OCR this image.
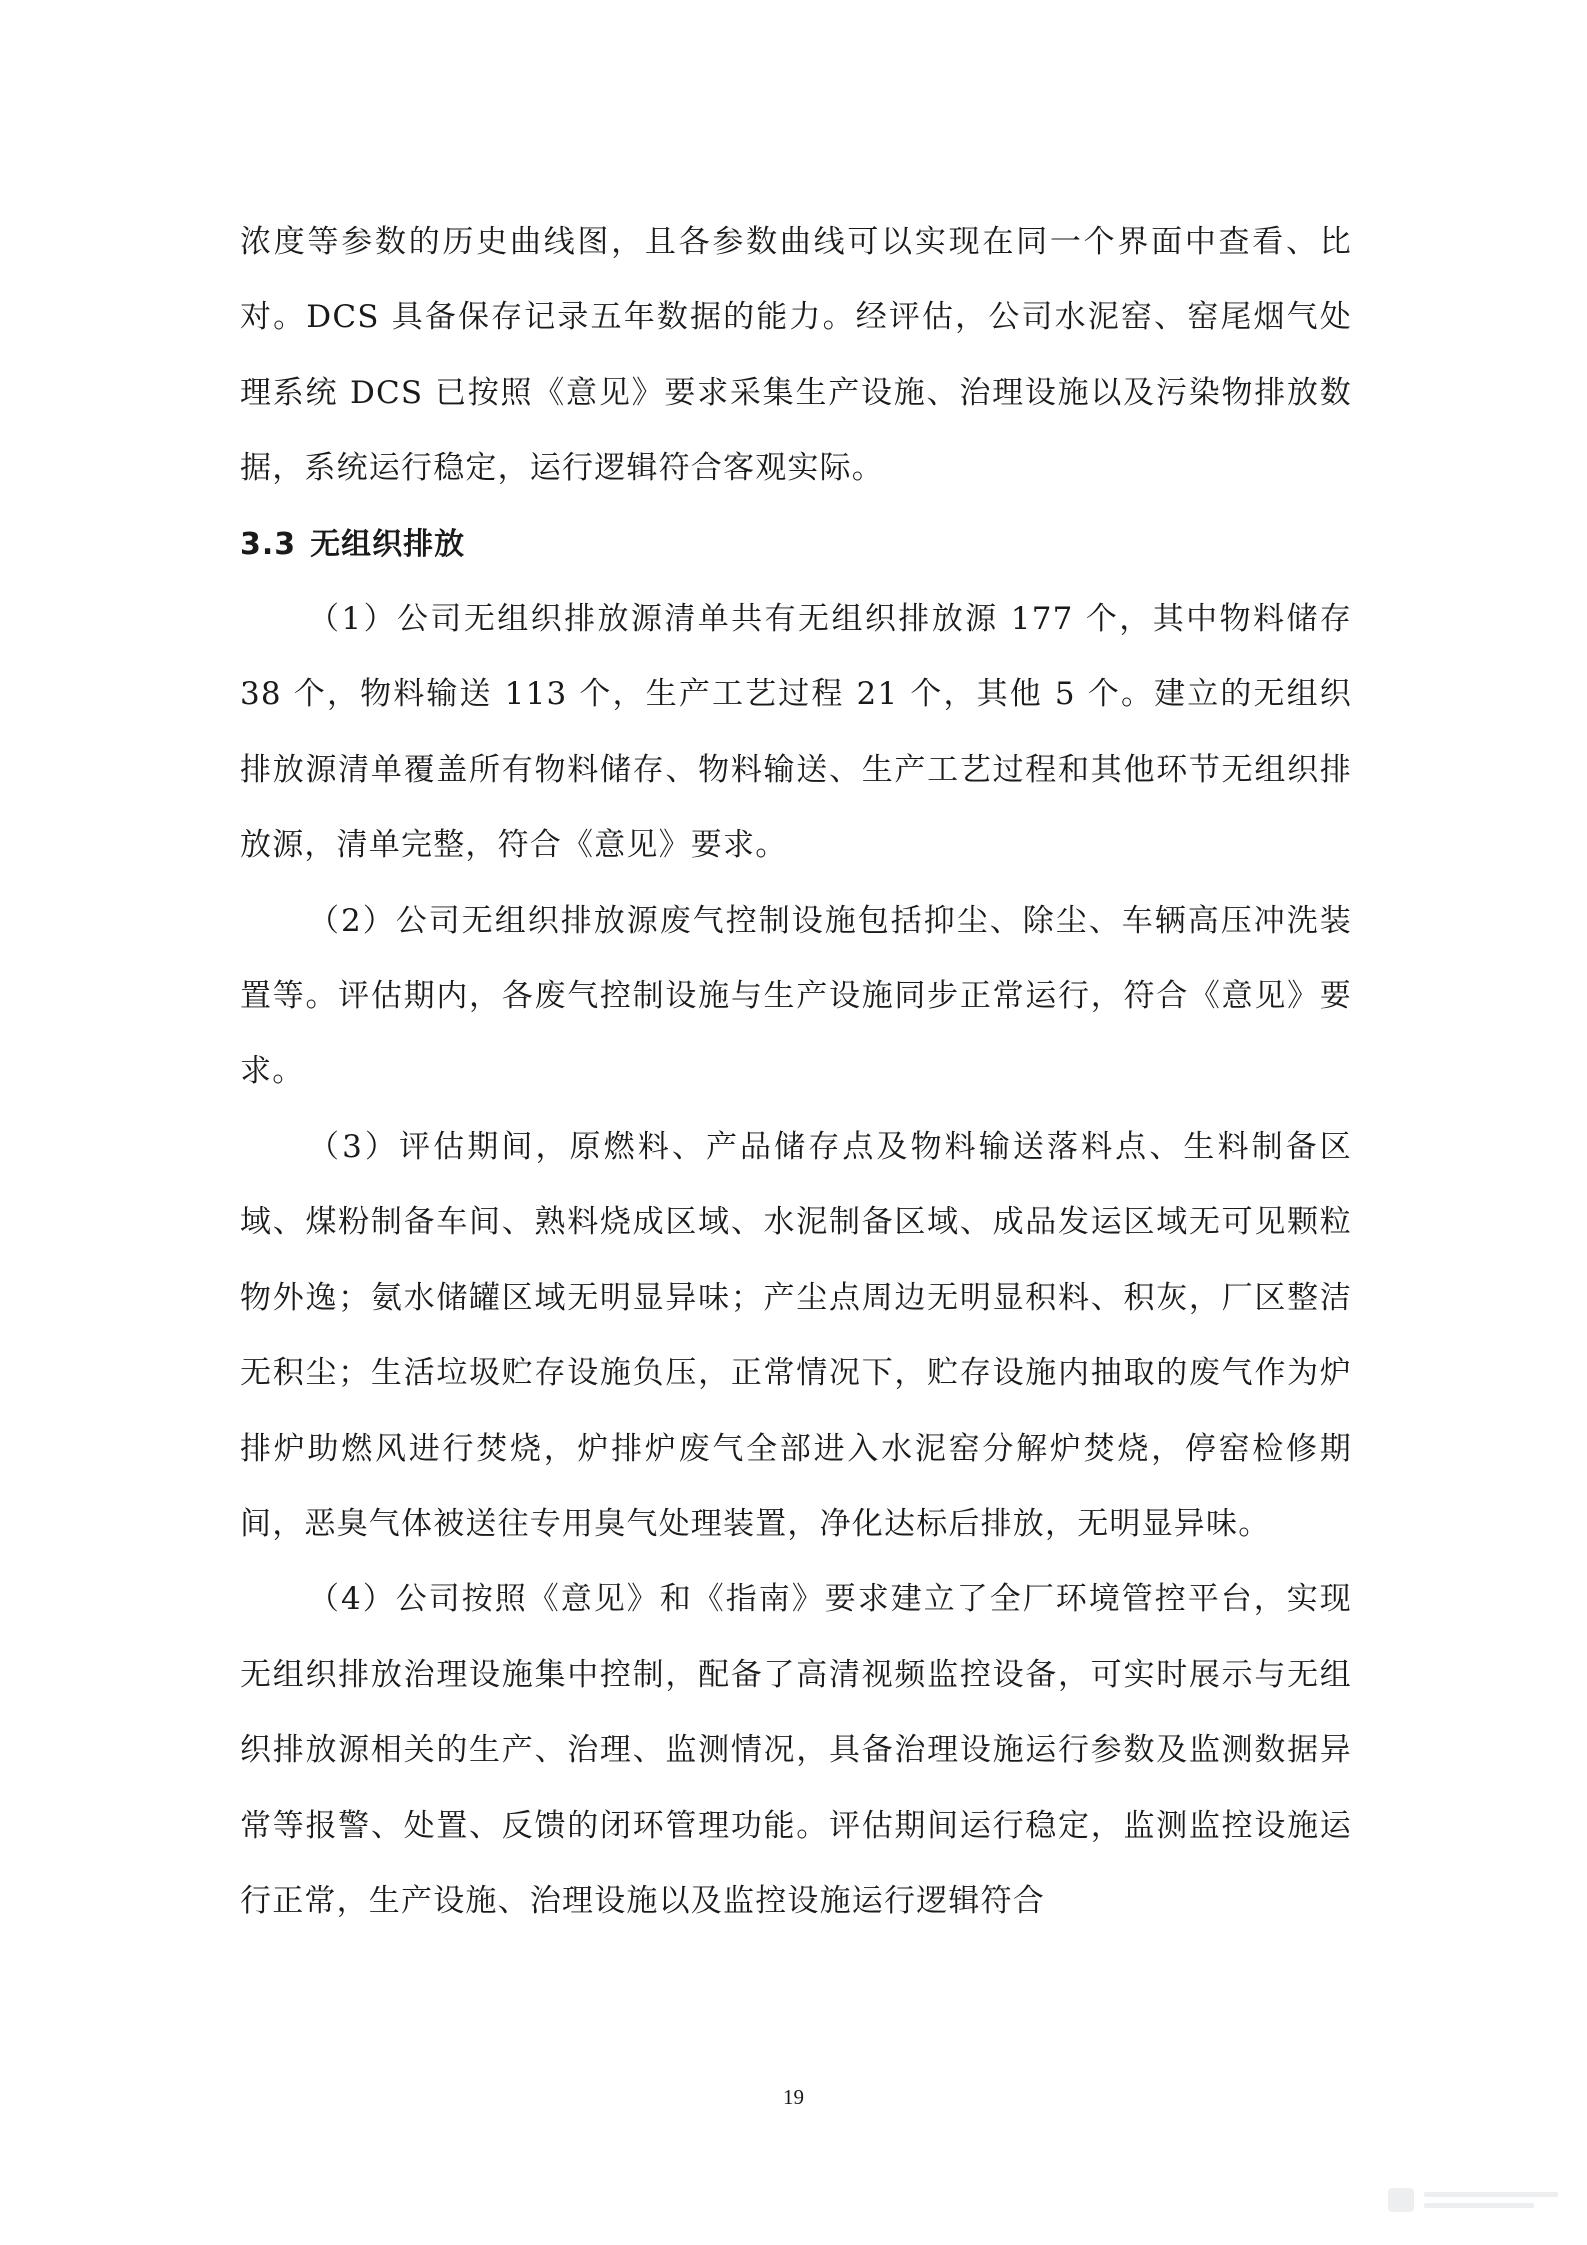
浓度等参数的历史曲线图，且各参数曲线可以实现在同一个界面中查看、比对。DCS 具备保存记录五年数据的能力。经评估，公司水泥窑、窑尾烟气处理系统 DCS 已按照《意见》要求采集生产设施、治理设施以及污染物排放数据，系统运行稳定，运行逻辑符合客观实际。

3.3 无组织排放

（1）公司无组织排放源清单共有无组织排放源 177 个，其中物料储存 38 个，物料输送 113 个，生产工艺过程 21 个，其他 5 个。建立的无组织排放源清单覆盖所有物料储存、物料输送、生产工艺过程和其他环节无组织排放源，清单完整，符合《意见》要求。

（2）公司无组织排放源废气控制设施包括抑尘、除尘、车辆高压冲洗装置等。评估期内，各废气控制设施与生产设施同步正常运行，符合《意见》要求。

（3）评估期间，原燃料、产品储存点及物料输送落料点、生料制备区域、煤粉制备车间、熟料烧成区域、水泥制备区域、成品发运区域无可见颗粒物外逸；氨水储罐区域无明显异味；产尘点周边无明显积料、积灰，厂区整洁无积尘；生活垃圾贮存设施负压，正常情况下，贮存设施内抽取的废气作为炉排炉助燃风进行焚烧，炉排炉废气全部进入水泥窑分解炉焚烧，停窑检修期间，恶臭气体被送往专用臭气处理装置，净化达标后排放，无明显异味。

（4）公司按照《意见》和《指南》要求建立了全厂环境管控平台，实现无组织排放治理设施集中控制，配备了高清视频监控设备，可实时展示与无组织排放源相关的生产、治理、监测情况，具备治理设施运行参数及监测数据异常等报警、处置、反馈的闭环管理功能。评估期间运行稳定，监测监控设施运行正常，生产设施、治理设施以及监控设施运行逻辑符合

19
